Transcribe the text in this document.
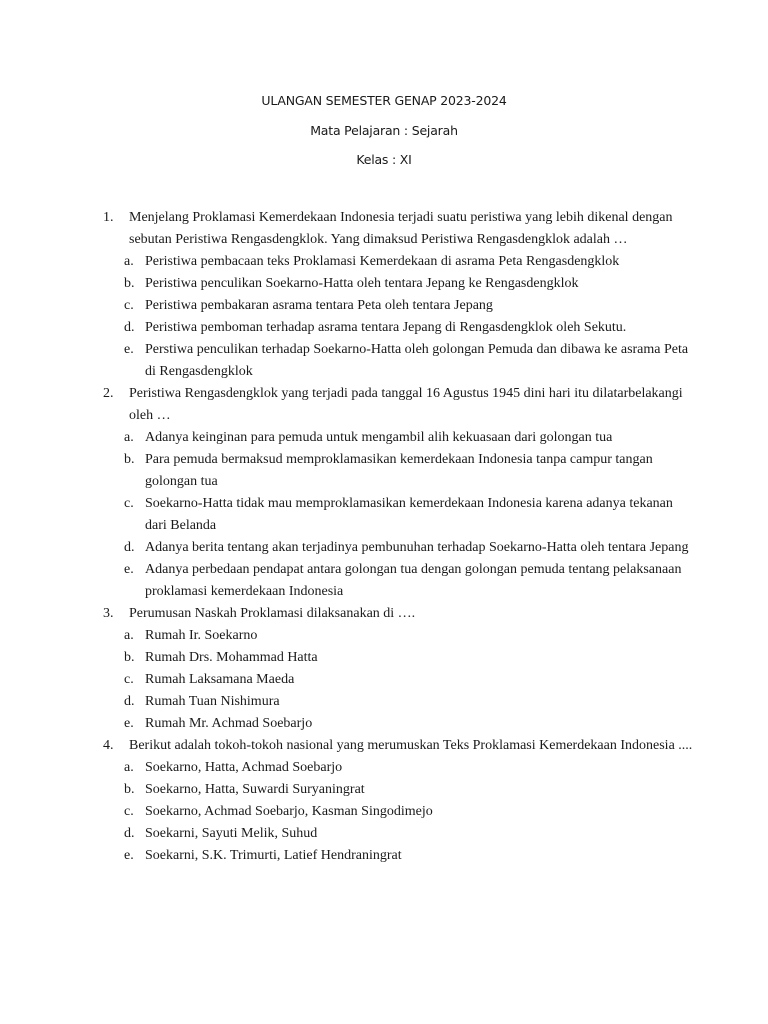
ULANGAN SEMESTER GENAP 2023-2024
Mata Pelajaran : Sejarah
Kelas : XI
1. Menjelang Proklamasi Kemerdekaan Indonesia terjadi suatu peristiwa yang lebih dikenal dengan sebutan Peristiwa Rengasdengklok. Yang dimaksud Peristiwa Rengasdengklok adalah …
a. Peristiwa pembacaan teks Proklamasi Kemerdekaan di asrama Peta Rengasdengklok
b. Peristiwa penculikan Soekarno-Hatta oleh tentara Jepang ke Rengasdengklok
c. Peristiwa pembakaran asrama tentara Peta oleh tentara Jepang
d. Peristiwa pemboman terhadap asrama tentara Jepang di Rengasdengklok oleh Sekutu.
e. Perstiwa penculikan terhadap Soekarno-Hatta oleh golongan Pemuda dan dibawa ke asrama Peta di Rengasdengklok
2. Peristiwa Rengasdengklok yang terjadi pada tanggal 16 Agustus 1945 dini hari itu dilatarbelakangi oleh …
a. Adanya keinginan para pemuda untuk mengambil alih kekuasaan dari golongan tua
b. Para pemuda bermaksud memproklamasikan kemerdekaan Indonesia tanpa campur tangan golongan tua
c. Soekarno-Hatta tidak mau memproklamasikan kemerdekaan Indonesia karena adanya tekanan dari Belanda
d. Adanya berita tentang akan terjadinya pembunuhan terhadap Soekarno-Hatta oleh tentara Jepang
e. Adanya perbedaan pendapat antara golongan tua dengan golongan pemuda tentang pelaksanaan proklamasi kemerdekaan Indonesia
3. Perumusan Naskah Proklamasi dilaksanakan di ….
a. Rumah Ir. Soekarno
b. Rumah Drs. Mohammad Hatta
c. Rumah Laksamana Maeda
d. Rumah Tuan Nishimura
e. Rumah Mr. Achmad Soebarjo
4. Berikut adalah tokoh-tokoh nasional yang merumuskan Teks Proklamasi Kemerdekaan Indonesia ....
a. Soekarno, Hatta, Achmad Soebarjo
b. Soekarno, Hatta, Suwardi Suryaningrat
c. Soekarno, Achmad Soebarjo, Kasman Singodimejo
d. Soekarni, Sayuti Melik, Suhud
e. Soekarni, S.K. Trimurti, Latief Hendraningrat
